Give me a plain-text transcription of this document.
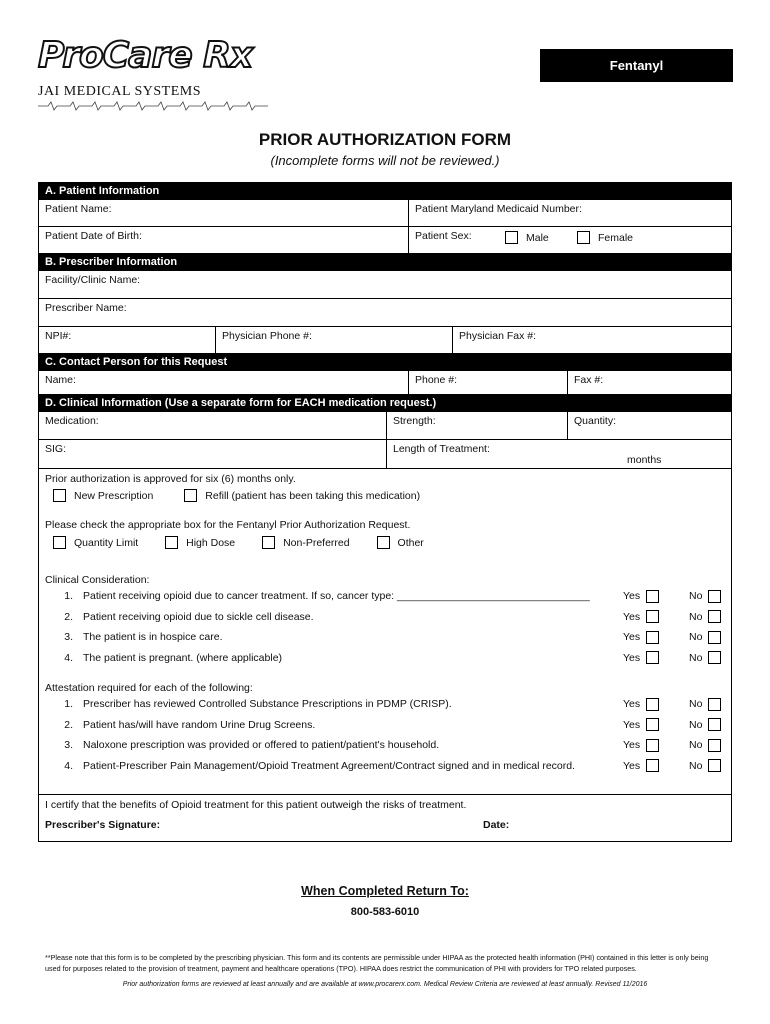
ProCare Rx
JAI MEDICAL SYSTEMS
Fentanyl
PRIOR AUTHORIZATION FORM
(Incomplete forms will not be reviewed.)
A. Patient Information
Patient Name:	Patient Maryland Medicaid Number:
Patient Date of Birth:	Patient Sex:	Male	Female
B. Prescriber Information
Facility/Clinic Name:
Prescriber Name:
NPI#:	Physician Phone #:	Physician Fax #:
C. Contact Person for this Request
Name:	Phone #:	Fax #:
D. Clinical Information (Use a separate form for EACH medication request.)
Medication:	Strength:	Quantity:
SIG:	Length of Treatment:
months
Prior authorization is approved for six (6) months only.
New Prescription
	Refill (patient has been taking this medication)
Please check the appropriate box for the Fentanyl Prior Authorization Request.
Quantity Limit
	High Dose
	Non-Preferred
	Other
Clinical Consideration:
1. Patient receiving opioid due to cancer treatment. If so, cancer type: _________________________________	Yes	No
2. Patient receiving opioid due to sickle cell disease.	Yes	No
3. The patient is in hospice care.	Yes	No
4. The patient is pregnant. (where applicable)	Yes	No
Attestation required for each of the following:
1. Prescriber has reviewed Controlled Substance Prescriptions in PDMP (CRISP).	Yes	No
2. Patient has/will have random Urine Drug Screens.	Yes	No
3. Naloxone prescription was provided or offered to patient/patient's household.	Yes	No
4. Patient-Prescriber Pain Management/Opioid Treatment Agreement/Contract signed and in medical record.	Yes	No
I certify that the benefits of Opioid treatment for this patient outweigh the risks of treatment.
Prescriber's Signature:	Date:
When Completed Return To:
800-583-6010
**Please note that this form is to be completed by the prescribing physician. This form and its contents are permissible under HIPAA as the protected health information (PHI) contained in this letter is only being used for purposes related to the provision of treatment, payment and healthcare operations (TPO). HIPAA does restrict the communication of PHI with providers for TPO related purposes.
Prior authorization forms are reviewed at least annually and are available at www.procarerx.com. Medical Review Criteria are reviewed at least annually. Revised 11/2016
